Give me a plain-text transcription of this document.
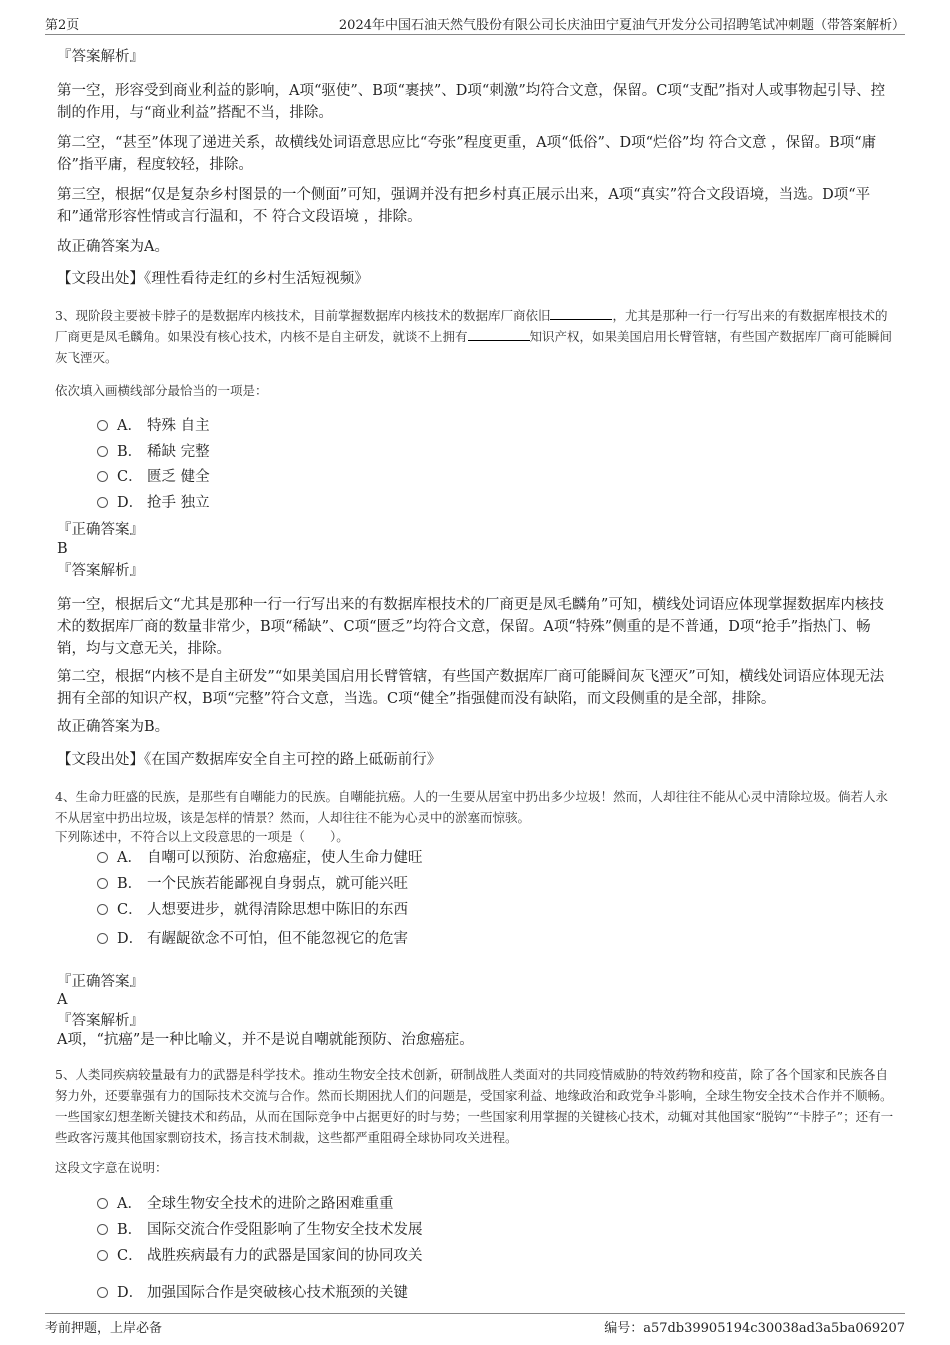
第2页	2024年中国石油天然气股份有限公司长庆油田宁夏油气开发分公司招聘笔试冲刺题（带答案解析）
『答案解析』
第一空，形容受到商业利益的影响，A项“驱使”、B项“裹挟”、D项“刺激”均符合文意，保留。C项“支配”指对人或事物起引导、控制的作用，与“商业利益”搭配不当，排除。
第二空，“甚至”体现了递进关系，故横线处词语意思应比“夸张”程度更重，A项“低俗”、D项“烂俗”均 符合文意 ，保留。B项“庸俗”指平庸，程度较轻，排除。
第三空，根据“仅是复杂乡村图景的一个侧面”可知，强调并没有把乡村真正展示出来，A项“真实”符合文段语境，当选。D项“平和”通常形容性情或言行温和，不 符合文段语境 ，排除。
故正确答案为A。
【文段出处】《理性看待走红的乡村生活短视频》
3、现阶段主要被卡脖子的是数据库内核技术，目前掌握数据库内核技术的数据库厂商依旧	，尤其是那种一行一行写出来的有数据库根技术的厂商更是凤毛麟角。如果没有核心技术，内核不是自主研发，就谈不上拥有	知识产权，如果美国启用长臂管辖，有些国产数据库厂商可能瞬间灰飞湮灭。
依次填入画横线部分最恰当的一项是：
A． 特殊 自主
B． 稀缺 完整
C． 匮乏 健全
D． 抢手 独立
『正确答案』
B
『答案解析』
第一空，根据后文“尤其是那种一行一行写出来的有数据库根技术的厂商更是凤毛麟角”可知，横线处词语应体现掌握数据库内核技术的数据库厂商的数量非常少，B项“稀缺”、C项“匮乏”均符合文意，保留。A项“特殊”侧重的是不普通，D项“抢手”指热门、畅销，均与文意无关，排除。
第二空，根据“内核不是自主研发”“如果美国启用长臂管辖，有些国产数据库厂商可能瞬间灰飞湮灭”可知，横线处词语应体现无法拥有全部的知识产权，B项“完整”符合文意，当选。C项“健全”指强健而没有缺陷，而文段侧重的是全部，排除。
故正确答案为B。
【文段出处】《在国产数据库安全自主可控的路上砥砺前行》
4、生命力旺盛的民族，是那些有自嘲能力的民族。自嘲能抗癌。人的一生要从居室中扔出多少垃圾！然而，人却往往不能从心灵中清除垃圾。倘若人永不从居室中扔出垃圾，该是怎样的情景？然而，人却往往不能为心灵中的淤塞而惊骇。
下列陈述中，不符合以上文段意思的一项是（　　）。
A． 自嘲可以预防、治愈癌症，使人生命力健旺
B． 一个民族若能鄙视自身弱点，就可能兴旺
C． 人想要进步，就得清除思想中陈旧的东西
D． 有龌龊欲念不可怕，但不能忽视它的危害
『正确答案』
A
『答案解析』
A项，“抗癌”是一种比喻义，并不是说自嘲就能预防、治愈癌症。
5、人类同疾病较量最有力的武器是科学技术。推动生物安全技术创新，研制战胜人类面对的共同疫情威胁的特效药物和疫苗，除了各个国家和民族各自努力外，还要靠强有力的国际技术交流与合作。然而长期困扰人们的问题是，受国家利益、地缘政治和政党争斗影响，全球生物安全技术合作并不顺畅。一些国家幻想垄断关键技术和药品，从而在国际竞争中占据更好的时与势；一些国家利用掌握的关键核心技术，动辄对其他国家“脱钩”“卡脖子”；还有一些政客污蔑其他国家剽窃技术，扬言技术制裁，这些都严重阻碍全球协同攻关进程。
这段文字意在说明：
A． 全球生物安全技术的进阶之路困难重重
B． 国际交流合作受阻影响了生物安全技术发展
C． 战胜疾病最有力的武器是国家间的协同攻关
D． 加强国际合作是突破核心技术瓶颈的关键
考前押题，上岸必备	编号：a57db39905194c30038ad3a5ba069207
